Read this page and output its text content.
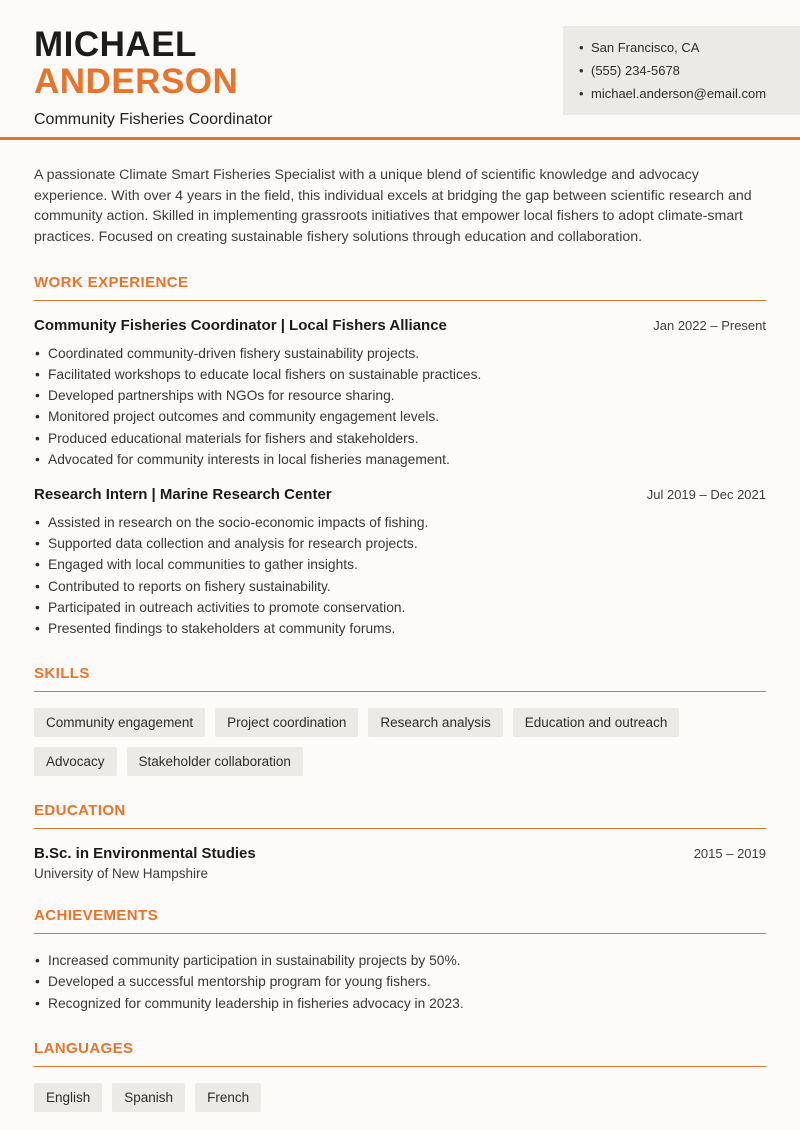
MICHAEL
ANDERSON
Community Fisheries Coordinator
• San Francisco, CA
• (555) 234-5678
• michael.anderson@email.com

A passionate Climate Smart Fisheries Specialist with a unique blend of scientific knowledge and advocacy experience. With over 4 years in the field, this individual excels at bridging the gap between scientific research and community action. Skilled in implementing grassroots initiatives that empower local fishers to adopt climate-smart practices. Focused on creating sustainable fishery solutions through education and collaboration.

WORK EXPERIENCE
Community Fisheries Coordinator | Local Fishers Alliance	Jan 2022 – Present
• Coordinated community-driven fishery sustainability projects.
• Facilitated workshops to educate local fishers on sustainable practices.
• Developed partnerships with NGOs for resource sharing.
• Monitored project outcomes and community engagement levels.
• Produced educational materials for fishers and stakeholders.
• Advocated for community interests in local fisheries management.
Research Intern | Marine Research Center	Jul 2019 – Dec 2021
• Assisted in research on the socio-economic impacts of fishing.
• Supported data collection and analysis for research projects.
• Engaged with local communities to gather insights.
• Contributed to reports on fishery sustainability.
• Participated in outreach activities to promote conservation.
• Presented findings to stakeholders at community forums.
SKILLS
Community engagement	Project coordination	Research analysis	Education and outreach
Advocacy	Stakeholder collaboration
EDUCATION
B.Sc. in Environmental Studies	2015 – 2019
University of New Hampshire
ACHIEVEMENTS
• Increased community participation in sustainability projects by 50%.
• Developed a successful mentorship program for young fishers.
• Recognized for community leadership in fisheries advocacy in 2023.
LANGUAGES
English	Spanish	French
